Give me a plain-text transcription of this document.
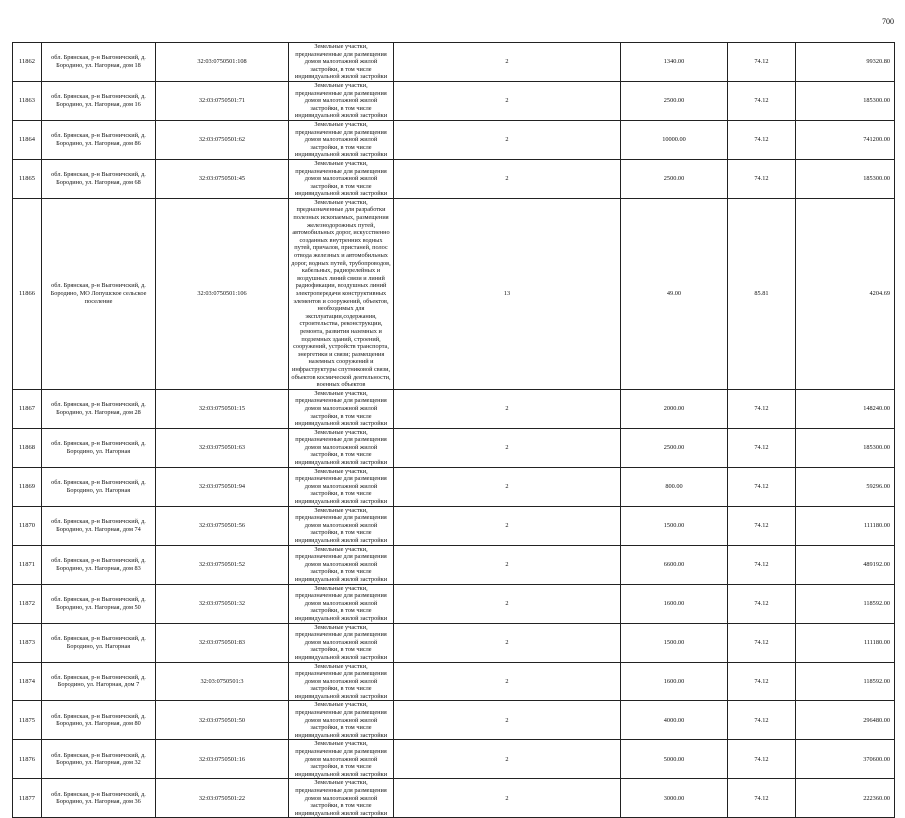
700
11862	обл. Брянская, р-н Выгоничский, д. Бородино, ул. Нагорная, дом 18	32:03:0750501:108	Земельные участки, предназначенные для размещения домов малоэтажной жилой застройки, в том числе индивидуальной жилой застройки	2	1340.00	74.12	99320.80
11863	обл. Брянская, р-н Выгоничский, д. Бородино, ул. Нагорная, дом 16	32:03:0750501:71	Земельные участки, предназначенные для размещения домов малоэтажной жилой застройки, в том числе индивидуальной жилой застройки	2	2500.00	74.12	185300.00
11864	обл. Брянская, р-н Выгоничский, д. Бородино, ул. Нагорная, дом 86	32:03:0750501:62	Земельные участки, предназначенные для размещения домов малоэтажной жилой застройки, в том числе индивидуальной жилой застройки	2	10000.00	74.12	741200.00
11865	обл. Брянская, р-н Выгоничский, д. Бородино, ул. Нагорная, дом 68	32:03:0750501:45	Земельные участки, предназначенные для размещения домов малоэтажной жилой застройки, в том числе индивидуальной жилой застройки	2	2500.00	74.12	185300.00
11866	обл. Брянская, р-н Выгоничский, д. Бородино, МО Лопушское сельское поселение	32:03:0750501:106	Земельные участки, предназначенные для разработки полезных ископаемых, размещения железнодорожных путей, автомобильных дорог, искусственно созданных внутренних водных путей, причалов, пристаней, полос отвода железных и автомобильных дорог, водных путей, трубопроводов, кабельных, радиорелейных и воздушных линий связи и линий радиофикации, воздушных линий электропередачи конструктивных элементов и сооружений, объектов, необходимых для эксплуатации,содержания, строительства, реконструкции, ремонта, развития наземных и подземных зданий, строений, сооружений, устройств транспорта, энергетики и связи; размещения наземных сооружений и инфраструктуры спутниковой связи, объектов космической деятельности, военных объектов	13	49.00	85.81	4204.69
11867	обл. Брянская, р-н Выгоничский, д. Бородино, ул. Нагорная, дом 28	32:03:0750501:15	Земельные участки, предназначенные для размещения домов малоэтажной жилой застройки, в том числе индивидуальной жилой застройки	2	2000.00	74.12	148240.00
11868	обл. Брянская, р-н Выгоничский, д. Бородино, ул. Нагорная	32:03:0750501:63	Земельные участки, предназначенные для размещения домов малоэтажной жилой застройки, в том числе индивидуальной жилой застройки	2	2500.00	74.12	185300.00
11869	обл. Брянская, р-н Выгоничский, д. Бородино, ул. Нагорная	32:03:0750501:94	Земельные участки, предназначенные для размещения домов малоэтажной жилой застройки, в том числе индивидуальной жилой застройки	2	800.00	74.12	59296.00
11870	обл. Брянская, р-н Выгоничский, д. Бородино, ул. Нагорная, дом 74	32:03:0750501:56	Земельные участки, предназначенные для размещения домов малоэтажной жилой застройки, в том числе индивидуальной жилой застройки	2	1500.00	74.12	111180.00
11871	обл. Брянская, р-н Выгоничский, д. Бородино, ул. Нагорная, дом 83	32:03:0750501:52	Земельные участки, предназначенные для размещения домов малоэтажной жилой застройки, в том числе индивидуальной жилой застройки	2	6600.00	74.12	489192.00
11872	обл. Брянская, р-н Выгоничский, д. Бородино, ул. Нагорная, дом 50	32:03:0750501:32	Земельные участки, предназначенные для размещения домов малоэтажной жилой застройки, в том числе индивидуальной жилой застройки	2	1600.00	74.12	118592.00
11873	обл. Брянская, р-н Выгоничский, д. Бородино, ул. Нагорная	32:03:0750501:83	Земельные участки, предназначенные для размещения домов малоэтажной жилой застройки, в том числе индивидуальной жилой застройки	2	1500.00	74.12	111180.00
11874	обл. Брянская, р-н Выгоничский, д. Бородино, ул. Нагорная, дом 7	32:03:0750501:3	Земельные участки, предназначенные для размещения домов малоэтажной жилой застройки, в том числе индивидуальной жилой застройки	2	1600.00	74.12	118592.00
11875	обл. Брянская, р-н Выгоничский, д. Бородино, ул. Нагорная, дом 80	32:03:0750501:50	Земельные участки, предназначенные для размещения домов малоэтажной жилой застройки, в том числе индивидуальной жилой застройки	2	4000.00	74.12	296480.00
11876	обл. Брянская, р-н Выгоничский, д. Бородино, ул. Нагорная, дом 32	32:03:0750501:16	Земельные участки, предназначенные для размещения домов малоэтажной жилой застройки, в том числе индивидуальной жилой застройки	2	5000.00	74.12	370600.00
11877	обл. Брянская, р-н Выгоничский, д. Бородино, ул. Нагорная, дом 36	32:03:0750501:22	Земельные участки, предназначенные для размещения домов малоэтажной жилой застройки, в том числе индивидуальной жилой застройки	2	3000.00	74.12	222360.00
